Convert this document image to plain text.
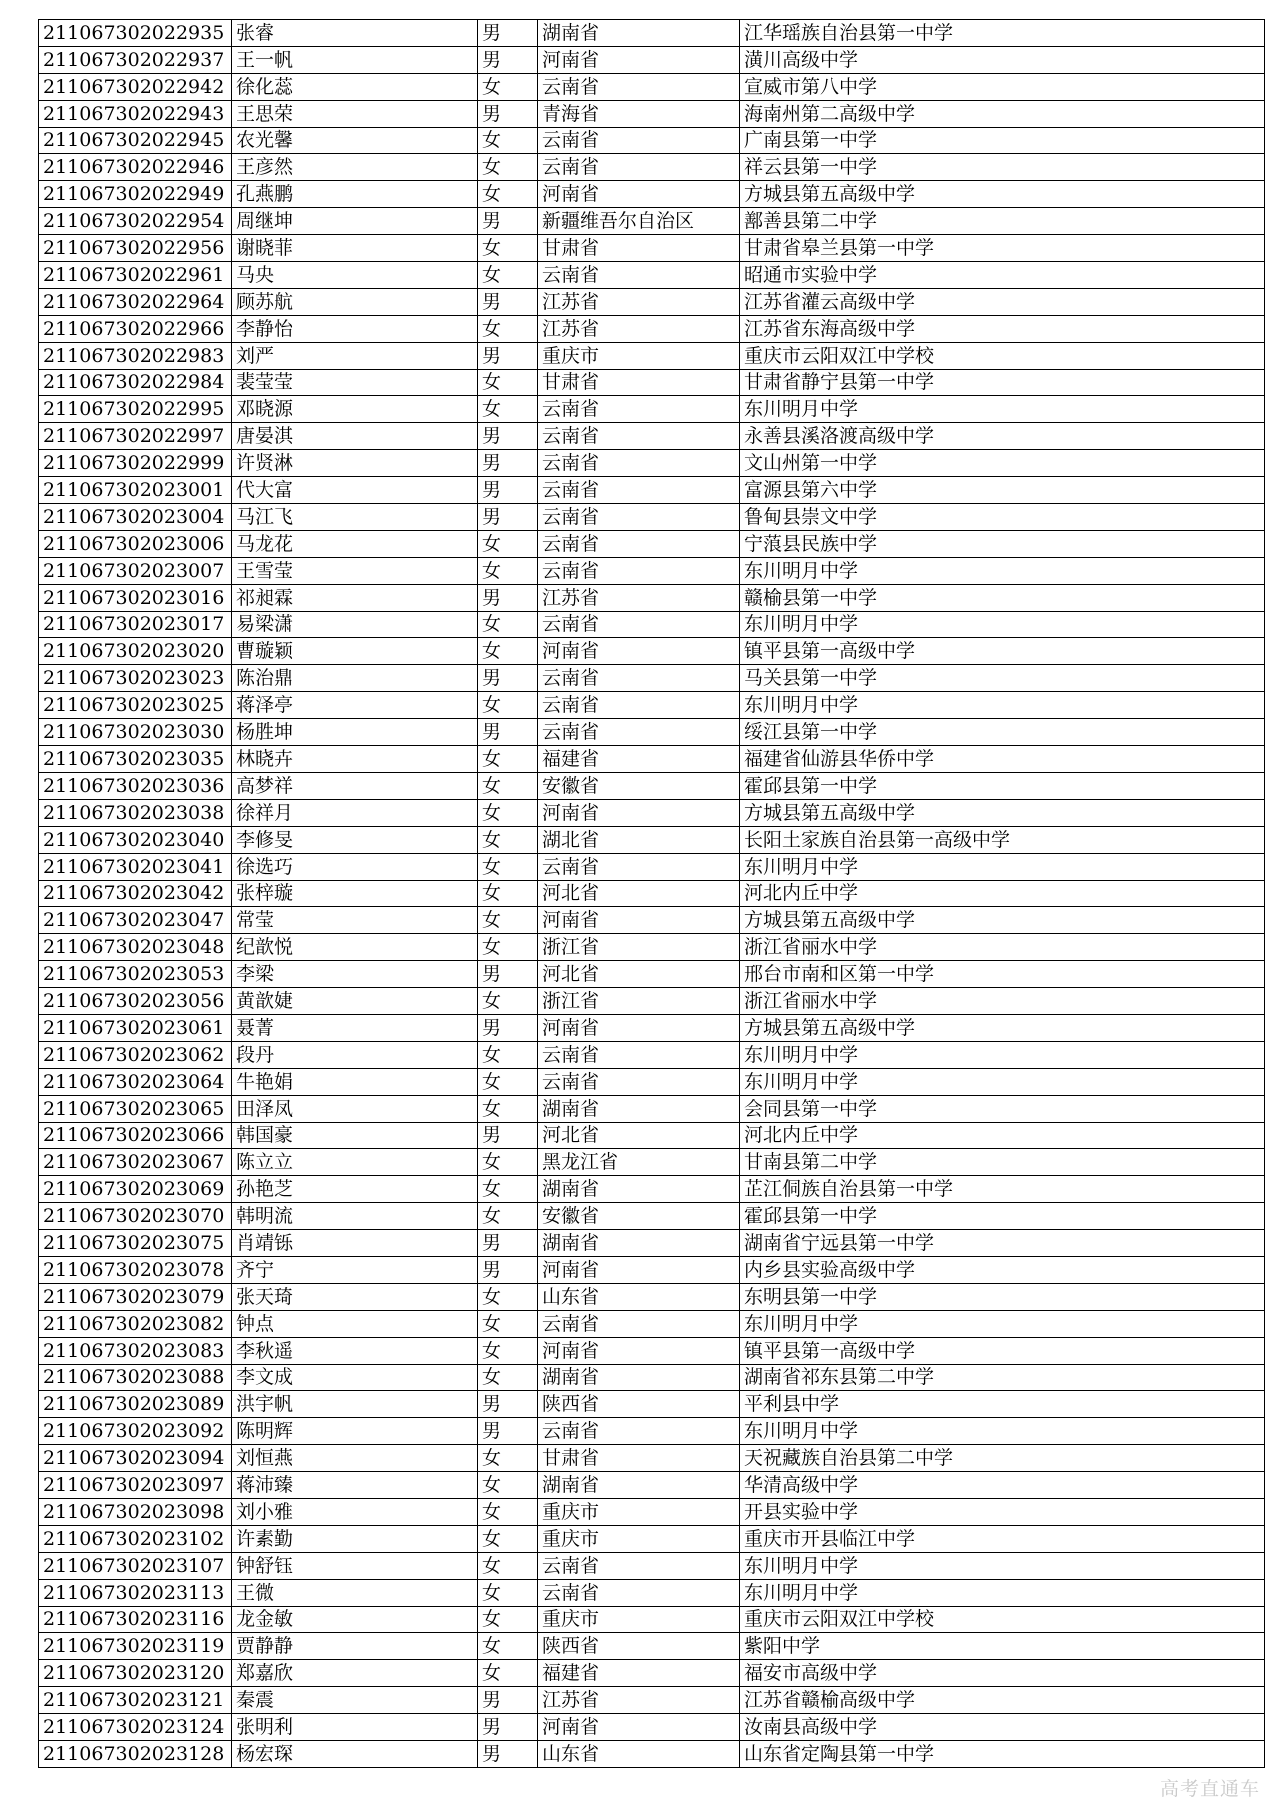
211067302022935	张睿	男	湖南省	江华瑶族自治县第一中学
211067302022937	王一帆	男	河南省	潢川高级中学
211067302022942	徐化蕊	女	云南省	宣威市第八中学
211067302022943	王思荣	男	青海省	海南州第二高级中学
211067302022945	农光馨	女	云南省	广南县第一中学
211067302022946	王彦然	女	云南省	祥云县第一中学
211067302022949	孔燕鹏	女	河南省	方城县第五高级中学
211067302022954	周继坤	男	新疆维吾尔自治区	鄯善县第二中学
211067302022956	谢晓菲	女	甘肃省	甘肃省皋兰县第一中学
211067302022961	马央	女	云南省	昭通市实验中学
211067302022964	顾苏航	男	江苏省	江苏省灌云高级中学
211067302022966	李静怡	女	江苏省	江苏省东海高级中学
211067302022983	刘严	男	重庆市	重庆市云阳双江中学校
211067302022984	裴莹莹	女	甘肃省	甘肃省静宁县第一中学
211067302022995	邓晓源	女	云南省	东川明月中学
211067302022997	唐晏淇	男	云南省	永善县溪洛渡高级中学
211067302022999	许贤淋	男	云南省	文山州第一中学
211067302023001	代大富	男	云南省	富源县第六中学
211067302023004	马江飞	男	云南省	鲁甸县崇文中学
211067302023006	马龙花	女	云南省	宁蒗县民族中学
211067302023007	王雪莹	女	云南省	东川明月中学
211067302023016	祁昶霖	男	江苏省	赣榆县第一中学
211067302023017	易梁潇	女	云南省	东川明月中学
211067302023020	曹璇颖	女	河南省	镇平县第一高级中学
211067302023023	陈治鼎	男	云南省	马关县第一中学
211067302023025	蒋泽亭	女	云南省	东川明月中学
211067302023030	杨胜坤	男	云南省	绥江县第一中学
211067302023035	林晓卉	女	福建省	福建省仙游县华侨中学
211067302023036	高梦祥	女	安徽省	霍邱县第一中学
211067302023038	徐祥月	女	河南省	方城县第五高级中学
211067302023040	李修旻	女	湖北省	长阳土家族自治县第一高级中学
211067302023041	徐选巧	女	云南省	东川明月中学
211067302023042	张梓璇	女	河北省	河北内丘中学
211067302023047	常莹	女	河南省	方城县第五高级中学
211067302023048	纪歆悦	女	浙江省	浙江省丽水中学
211067302023053	李梁	男	河北省	邢台市南和区第一中学
211067302023056	黄歆婕	女	浙江省	浙江省丽水中学
211067302023061	聂菁	男	河南省	方城县第五高级中学
211067302023062	段丹	女	云南省	东川明月中学
211067302023064	牛艳娟	女	云南省	东川明月中学
211067302023065	田泽凤	女	湖南省	会同县第一中学
211067302023066	韩国豪	男	河北省	河北内丘中学
211067302023067	陈立立	女	黑龙江省	甘南县第二中学
211067302023069	孙艳芝	女	湖南省	芷江侗族自治县第一中学
211067302023070	韩明流	女	安徽省	霍邱县第一中学
211067302023075	肖靖铄	男	湖南省	湖南省宁远县第一中学
211067302023078	齐宁	男	河南省	内乡县实验高级中学
211067302023079	张天琦	女	山东省	东明县第一中学
211067302023082	钟点	女	云南省	东川明月中学
211067302023083	李秋遥	女	河南省	镇平县第一高级中学
211067302023088	李文成	女	湖南省	湖南省祁东县第二中学
211067302023089	洪宇帆	男	陕西省	平利县中学
211067302023092	陈明辉	男	云南省	东川明月中学
211067302023094	刘恒燕	女	甘肃省	天祝藏族自治县第二中学
211067302023097	蒋沛臻	女	湖南省	华清高级中学
211067302023098	刘小雅	女	重庆市	开县实验中学
211067302023102	许素勤	女	重庆市	重庆市开县临江中学
211067302023107	钟舒钰	女	云南省	东川明月中学
211067302023113	王微	女	云南省	东川明月中学
211067302023116	龙金敏	女	重庆市	重庆市云阳双江中学校
211067302023119	贾静静	女	陕西省	紫阳中学
211067302023120	郑嘉欣	女	福建省	福安市高级中学
211067302023121	秦震	男	江苏省	江苏省赣榆高级中学
211067302023124	张明利	男	河南省	汝南县高级中学
211067302023128	杨宏琛	男	山东省	山东省定陶县第一中学
高考直通车
